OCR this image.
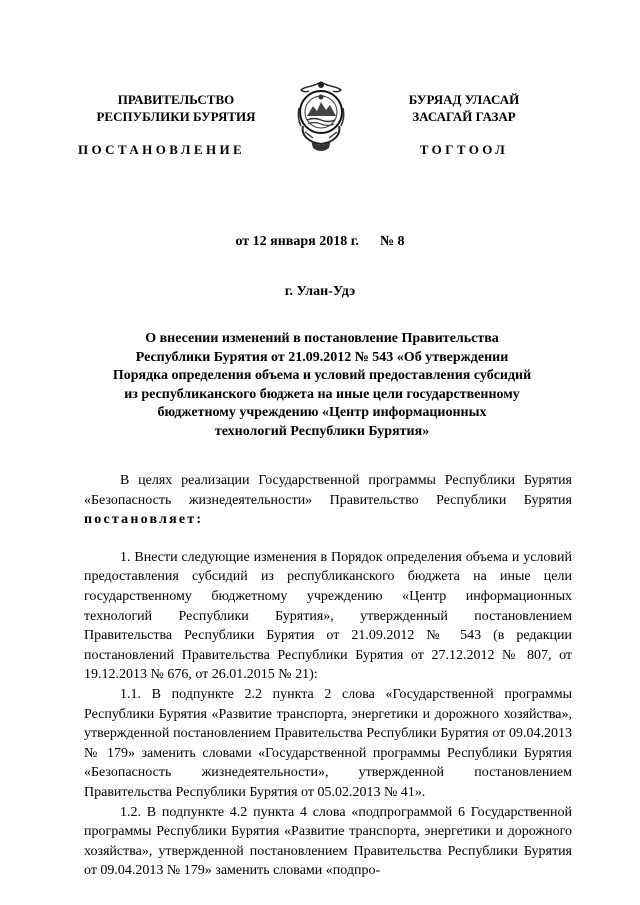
ПРАВИТЕЛЬСТВО
РЕСПУБЛИКИ БУРЯТИЯ
БУРЯАД УЛАСАЙ
ЗАСАГАЙ ГАЗАР
ПОСТАНОВЛЕНИЕ	ТОГТООЛ
от 12 января 2018 г. № 8
г. Улан-Удэ
О внесении изменений в постановление Правительства
Республики Бурятия от 21.09.2012 № 543 «Об утверждении
Порядка определения объема и условий предоставления субсидий
из республиканского бюджета на иные цели государственному
бюджетному учреждению «Центр информационных
технологий Республики Бурятия»

В целях реализации Государственной программы Республики Бурятия «Безопасность жизнедеятельности» Правительство Республики Бурятия постановляет:

1. Внести следующие изменения в Порядок определения объема и условий предоставления субсидий из республиканского бюджета на иные цели государственному бюджетному учреждению «Центр информационных технологий Республики Бурятия», утвержденный постановлением Правительства Республики Бурятия от 21.09.2012 № 543 (в редакции постановлений Правительства Республики Бурятия от 27.12.2012 № 807, от 19.12.2013 № 676, от 26.01.2015 № 21):

1.1. В подпункте 2.2 пункта 2 слова «Государственной программы Республики Бурятия «Развитие транспорта, энергетики и дорожного хозяйства», утвержденной постановлением Правительства Республики Бурятия от 09.04.2013 № 179» заменить словами «Государственной программы Республики Бурятия «Безопасность жизнедеятельности», утвержденной постановлением Правительства Республики Бурятия от 05.02.2013 № 41».

1.2. В подпункте 4.2 пункта 4 слова «подпрограммой 6 Государственной программы Республики Бурятия «Развитие транспорта, энергетики и дорожного хозяйства», утвержденной постановлением Правительства Республики Бурятия от 09.04.2013 № 179» заменить словами «подпро-
